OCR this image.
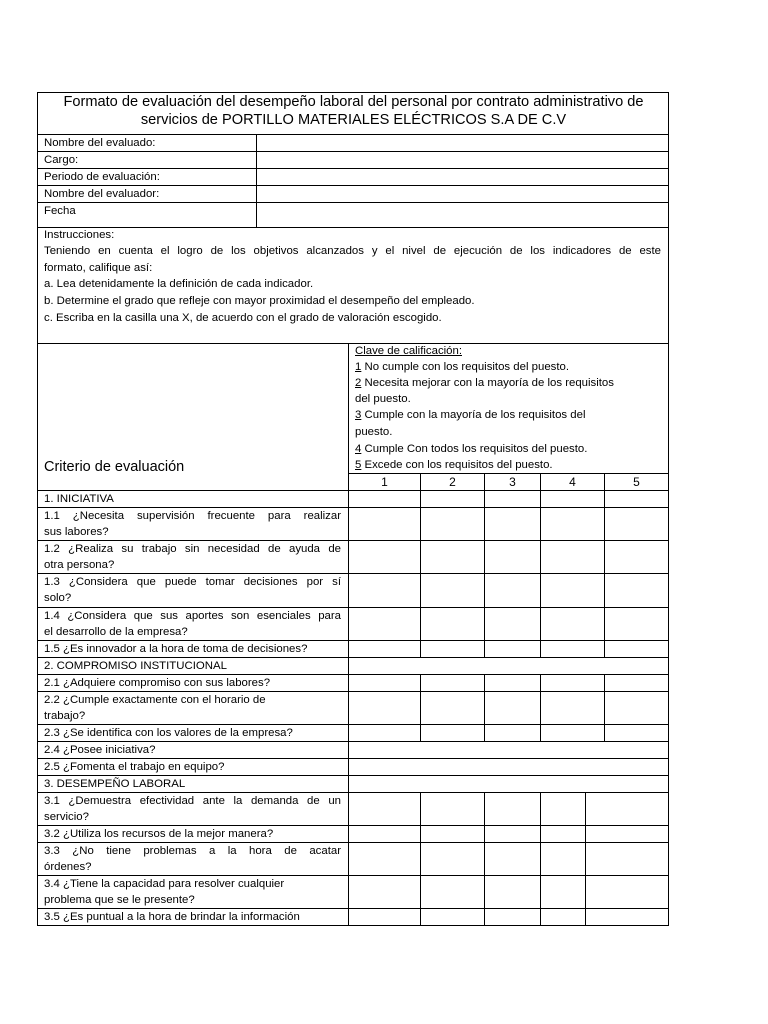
Formato de evaluación del desempeño laboral del personal por contrato administrativo de
servicios de PORTILLO MATERIALES ELÉCTRICOS S.A DE C.V
Nombre del evaluado:
Cargo:
Periodo de evaluación:
Nombre del evaluador:
Fecha
Instrucciones:
Teniendo en cuenta el logro de los objetivos alcanzados y el nivel de ejecución de los indicadores de este
formato, califique así:
a. Lea detenidamente la definición de cada indicador.
b. Determine el grado que refleje con mayor proximidad el desempeño del empleado.
c. Escriba en la casilla una X, de acuerdo con el grado de valoración escogido.
Clave de calificación:
1 No cumple con los requisitos del puesto.
2 Necesita mejorar con la mayoría de los requisitos
del puesto.
3 Cumple con la mayoría de los requisitos del
puesto.
4 Cumple Con todos los requisitos del puesto.
5 Excede con los requisitos del puesto.
Criterio de evaluación
1	2	3	4	5
1. INICIATIVA
1.1 ¿Necesita supervisión frecuente para realizar
sus labores?
1.2 ¿Realiza su trabajo sin necesidad de ayuda de
otra persona?
1.3 ¿Considera que puede tomar decisiones por sí
solo?
1.4 ¿Considera que sus aportes son esenciales para
el desarrollo de la empresa?
1.5 ¿Es innovador a la hora de toma de decisiones?
2. COMPROMISO INSTITUCIONAL
2.1 ¿Adquiere compromiso con sus labores?
2.2 ¿Cumple exactamente con el horario de
trabajo?
2.3 ¿Se identifica con los valores de la empresa?
2.4 ¿Posee iniciativa?
2.5 ¿Fomenta el trabajo en equipo?
3. DESEMPEÑO LABORAL
3.1 ¿Demuestra efectividad ante la demanda de un
servicio?
3.2 ¿Utiliza los recursos de la mejor manera?
3.3 ¿No tiene problemas a la hora de acatar
órdenes?
3.4 ¿Tiene la capacidad para resolver cualquier
problema que se le presente?
3.5 ¿Es puntual a la hora de brindar la información
